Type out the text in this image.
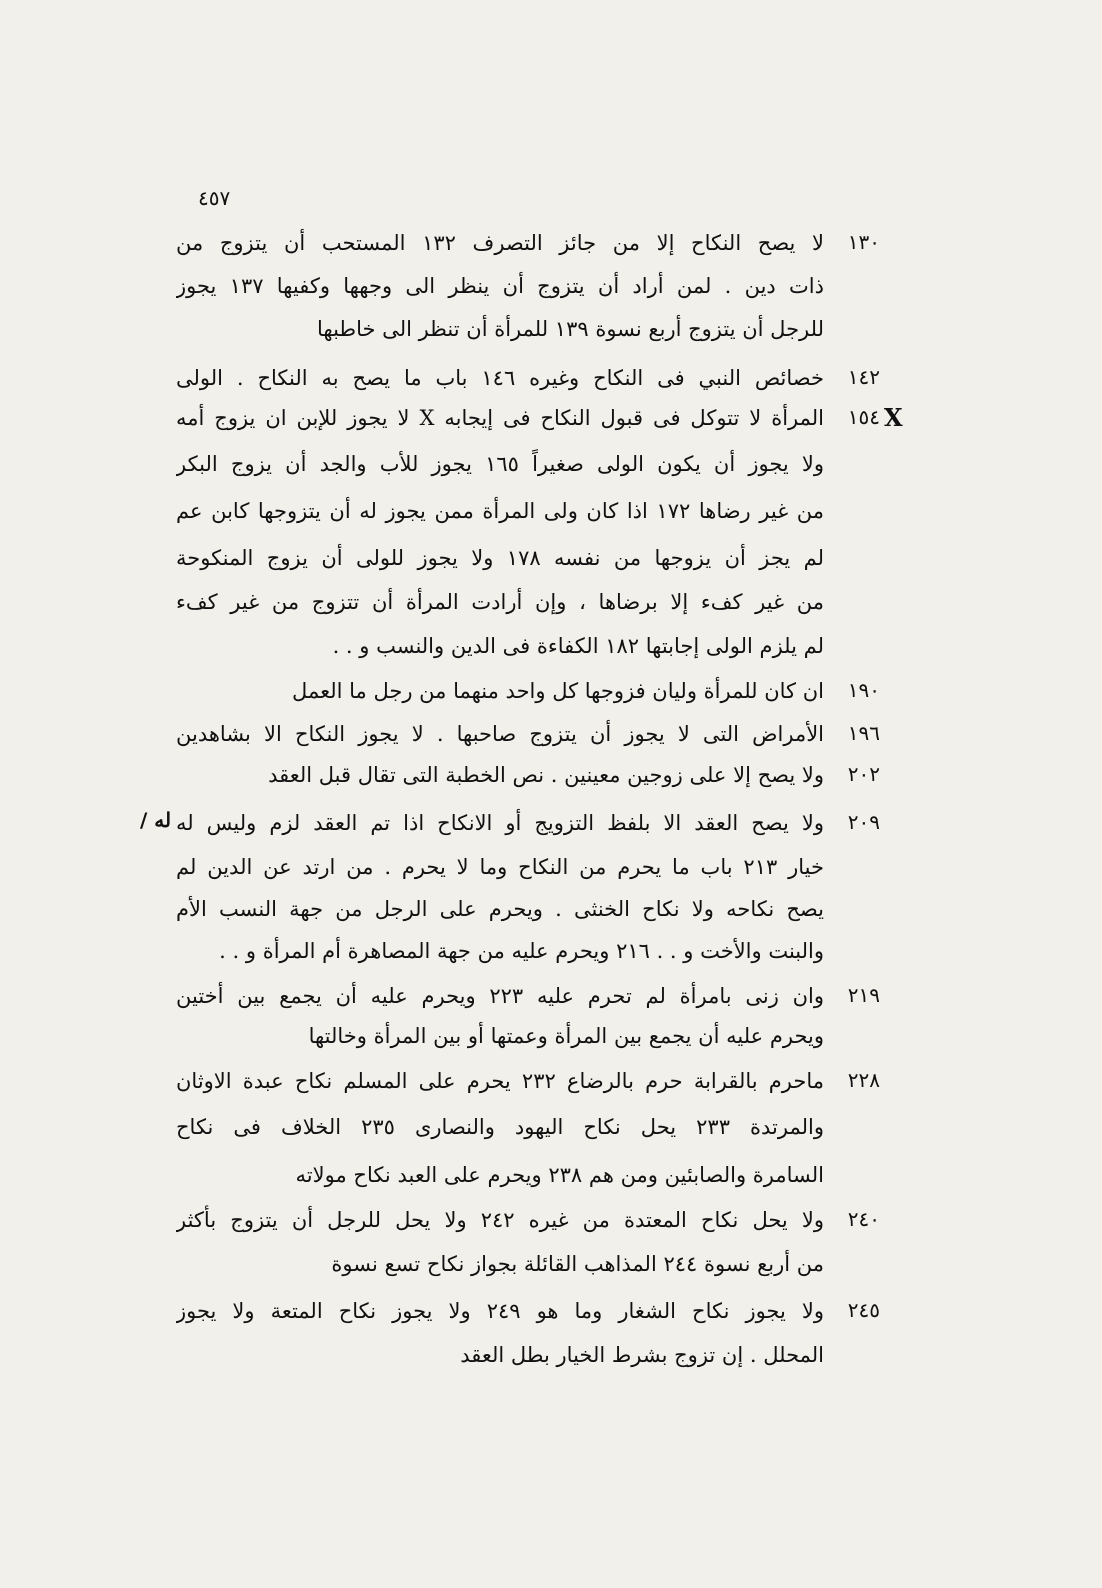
٤٥٧
١٣٠
لا يصح النكاح إلا من جائز التصرف ١٣٢ المستحب أن يتزوج من
ذات دين . لمن أراد أن يتزوج أن ينظر الى وجهها وكفيها ١٣٧ يجوز
للرجل أن يتزوج أربع نسوة ١٣٩ للمرأة أن تنظر الى خاطبها
١٤٢
خصائص النبي فى النكاح وغيره ١٤٦ باب ما يصح به النكاح . الولى
X
١٥٤
المرأة لا تتوكل فى قبول النكاح فى إيجابه X لا يجوز للإبن ان يزوج أمه
ولا يجوز أن يكون الولى صغيراً ١٦٥ يجوز للأب والجد أن يزوج البكر
من غير رضاها ١٧٢ اذا كان ولى المرأة ممن يجوز له أن يتزوجها كابن عم
لم يجز أن يزوجها من نفسه ١٧٨ ولا يجوز للولى أن يزوج المنكوحة
من غير كفء إلا برضاها ، وإن أرادت المرأة أن تتزوج من غير كفء
لم يلزم الولى إجابتها ١٨٢ الكفاءة فى الدين والنسب و . .
١٩٠
ان كان للمرأة وليان فزوجها كل واحد منهما من رجل ما العمل
١٩٦
الأمراض التى لا يجوز أن يتزوج صاحبها . لا يجوز النكاح الا بشاهدين
٢٠٢
ولا يصح إلا على زوجين معينين . نص الخطبة التى تقال قبل العقد
٢٠٩
/ له ولا يصح العقد الا بلفظ التزويج أو الانكاح اذا تم العقد لزم وليس له
خيار ٢١٣ باب ما يحرم من النكاح وما لا يحرم . من ارتد عن الدين لم
يصح نكاحه ولا نكاح الخنثى . ويحرم على الرجل من جهة النسب الأم
والبنت والأخت و . . ٢١٦ ويحرم عليه من جهة المصاهرة أم المرأة و . .
٢١٩
وان زنى بامرأة لم تحرم عليه ٢٢٣ ويحرم عليه أن يجمع بين أختين
ويحرم عليه أن يجمع بين المرأة وعمتها أو بين المرأة وخالتها
٢٢٨
ماحرم بالقرابة حرم بالرضاع ٢٣٢ يحرم على المسلم نكاح عبدة الاوثان
والمرتدة ٢٣٣ يحل نكاح اليهود والنصارى ٢٣٥ الخلاف فى نكاح
السامرة والصابئين ومن هم ٢٣٨ ويحرم على العبد نكاح مولاته
٢٤٠
ولا يحل نكاح المعتدة من غيره ٢٤٢ ولا يحل للرجل أن يتزوج بأكثر
من أربع نسوة ٢٤٤ المذاهب القائلة بجواز نكاح تسع نسوة
٢٤٥
ولا يجوز نكاح الشغار وما هو ٢٤٩ ولا يجوز نكاح المتعة ولا يجوز
المحلل . إن تزوج بشرط الخيار بطل العقد
